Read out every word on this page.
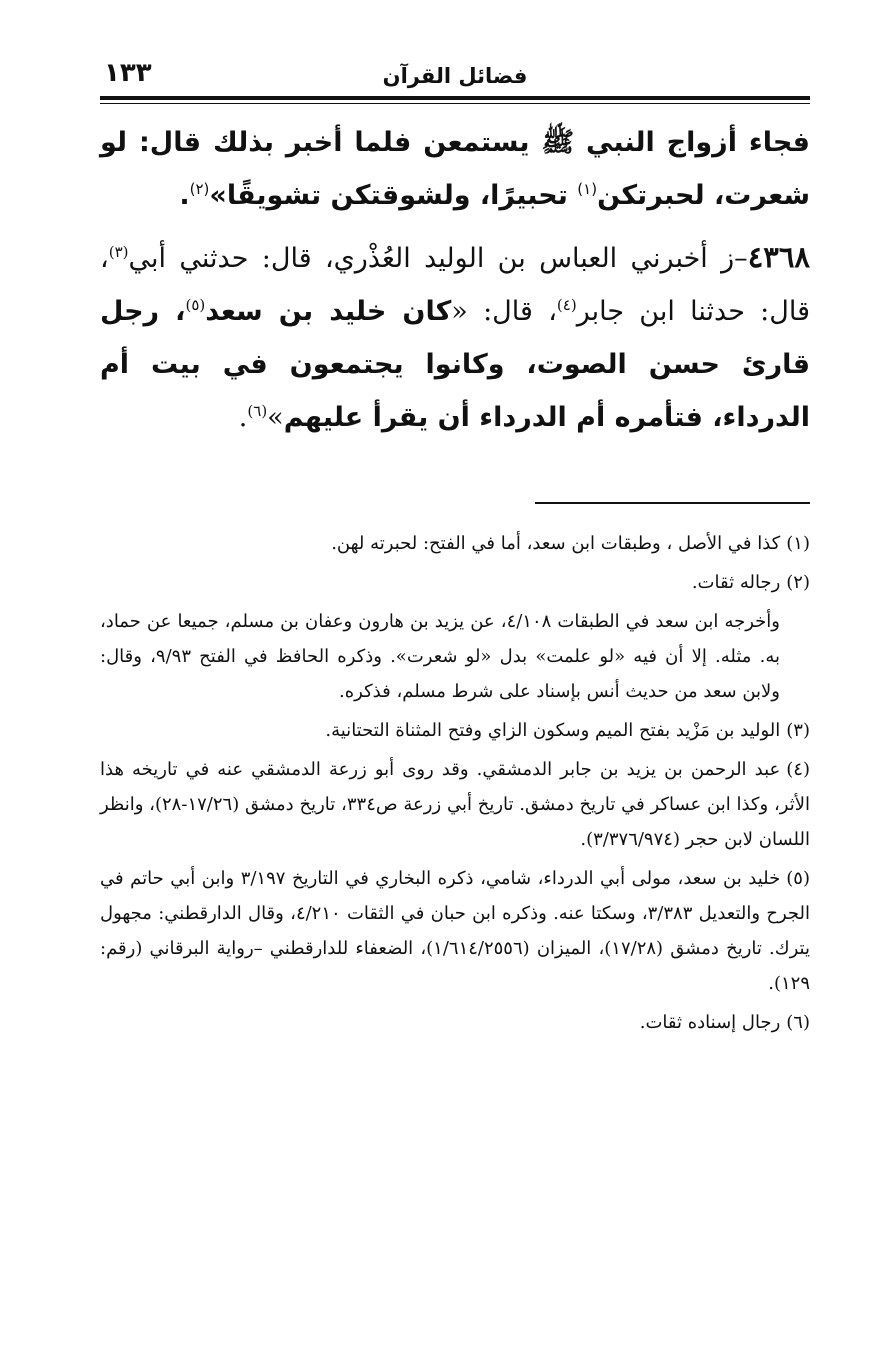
فضائل القرآن
١٣٣

فجاء أزواج النبي ﷺ يستمعن فلما أخبر بذلك قال: لو شعرت، لحبرتكن$^{(١)}$ تحبيرًا، ولشوقتكن تشويقًا»$^{(٢)}$.

٤٣٦٨–ز أخبرني العباس بن الوليد العُذْري، قال: حدثني أبي$^{(٣)}$، قال: حدثنا ابن جابر$^{(٤)}$، قال: «كان خليد بن سعد$^{(٥)}$، رجل قارئ حسن الصوت، وكانوا يجتمعون في بيت أم الدرداء، فتأمره أم الدرداء أن يقرأ عليهم»$^{(٦)}$.

(١)كذا في الأصل ، وطبقات ابن سعد، أما في الفتح: لحبرته لهن.
(٢)رجاله ثقات.
وأخرجه ابن سعد في الطبقات ٤/١٠٨، عن يزيد بن هارون وعفان بن مسلم، جميعا عن حماد، به. مثله. إلا أن فيه «لو علمت» بدل «لو شعرت». وذكره الحافظ في الفتح ٩/٩٣، وقال: ولابن سعد من حديث أنس بإسناد على شرط مسلم، فذكره.
(٣)الوليد بن مَزْيد بفتح الميم وسكون الزاي وفتح المثناة التحتانية.
(٤)عبد الرحمن بن يزيد بن جابر الدمشقي. وقد روى أبو زرعة الدمشقي عنه في تاريخه هذا الأثر، وكذا ابن عساكر في تاريخ دمشق. تاريخ أبي زرعة ص٣٣٤، تاريخ دمشق (١٧/٢٦-٢٨)، وانظر اللسان لابن حجر (٣/٣٧٦/٩٧٤).
(٥)خليد بن سعد، مولى أبي الدرداء، شامي، ذكره البخاري في التاريخ ٣/١٩٧ وابن أبي حاتم في الجرح والتعديل ٣/٣٨٣، وسكتا عنه. وذكره ابن حبان في الثقات ٤/٢١٠، وقال الدارقطني: مجهول يترك. تاريخ دمشق (١٧/٢٨)، الميزان (١/٦١٤/٢٥٥٦)، الضعفاء للدارقطني –رواية البرقاني (رقم: ١٢٩).
(٦)رجال إسناده ثقات.
